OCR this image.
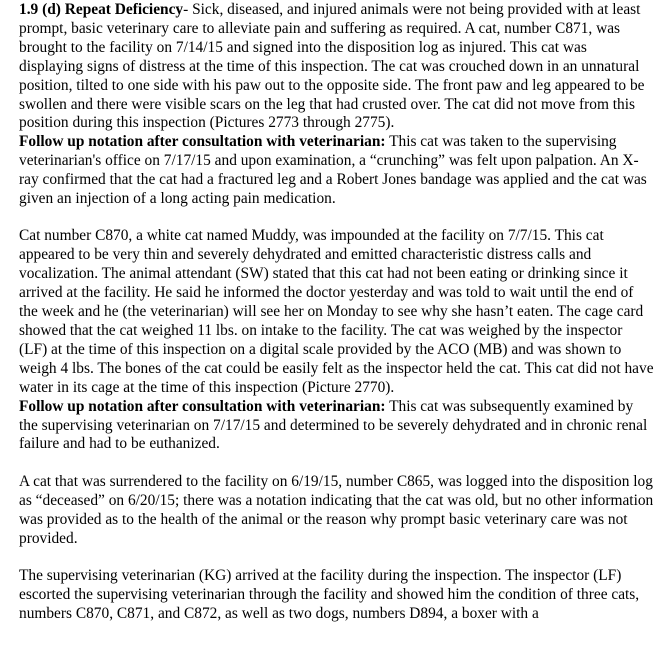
1.9 (d) Repeat Deficiency- Sick, diseased, and injured animals were not being provided with at least prompt, basic veterinary care to alleviate pain and suffering as required. A cat, number C871, was brought to the facility on 7/14/15 and signed into the disposition log as injured. This cat was displaying signs of distress at the time of this inspection. The cat was crouched down in an unnatural position, tilted to one side with his paw out to the opposite side. The front paw and leg appeared to be swollen and there were visible scars on the leg that had crusted over. The cat did not move from this position during this inspection (Pictures 2773 through 2775).

Follow up notation after consultation with veterinarian: This cat was taken to the supervising veterinarian's office on 7/17/15 and upon examination, a “crunching” was felt upon palpation. An X-ray confirmed that the cat had a fractured leg and a Robert Jones bandage was applied and the cat was given an injection of a long acting pain medication.

Cat number C870, a white cat named Muddy, was impounded at the facility on 7/7/15. This cat appeared to be very thin and severely dehydrated and emitted characteristic distress calls and vocalization. The animal attendant (SW) stated that this cat had not been eating or drinking since it arrived at the facility. He said he informed the doctor yesterday and was told to wait until the end of the week and he (the veterinarian) will see her on Monday to see why she hasn’t eaten. The cage card showed that the cat weighed 11 lbs. on intake to the facility. The cat was weighed by the inspector (LF) at the time of this inspection on a digital scale provided by the ACO (MB) and was shown to weigh 4 lbs. The bones of the cat could be easily felt as the inspector held the cat. This cat did not have water in its cage at the time of this inspection (Picture 2770).

Follow up notation after consultation with veterinarian: This cat was subsequently examined by the supervising veterinarian on 7/17/15 and determined to be severely dehydrated and in chronic renal failure and had to be euthanized.

A cat that was surrendered to the facility on 6/19/15, number C865, was logged into the disposition log as “deceased” on 6/20/15; there was a notation indicating that the cat was old, but no other information was provided as to the health of the animal or the reason why prompt basic veterinary care was not provided.

The supervising veterinarian (KG) arrived at the facility during the inspection. The inspector (LF) escorted the supervising veterinarian through the facility and showed him the condition of three cats, numbers C870, C871, and C872, as well as two dogs, numbers D894, a boxer with a
